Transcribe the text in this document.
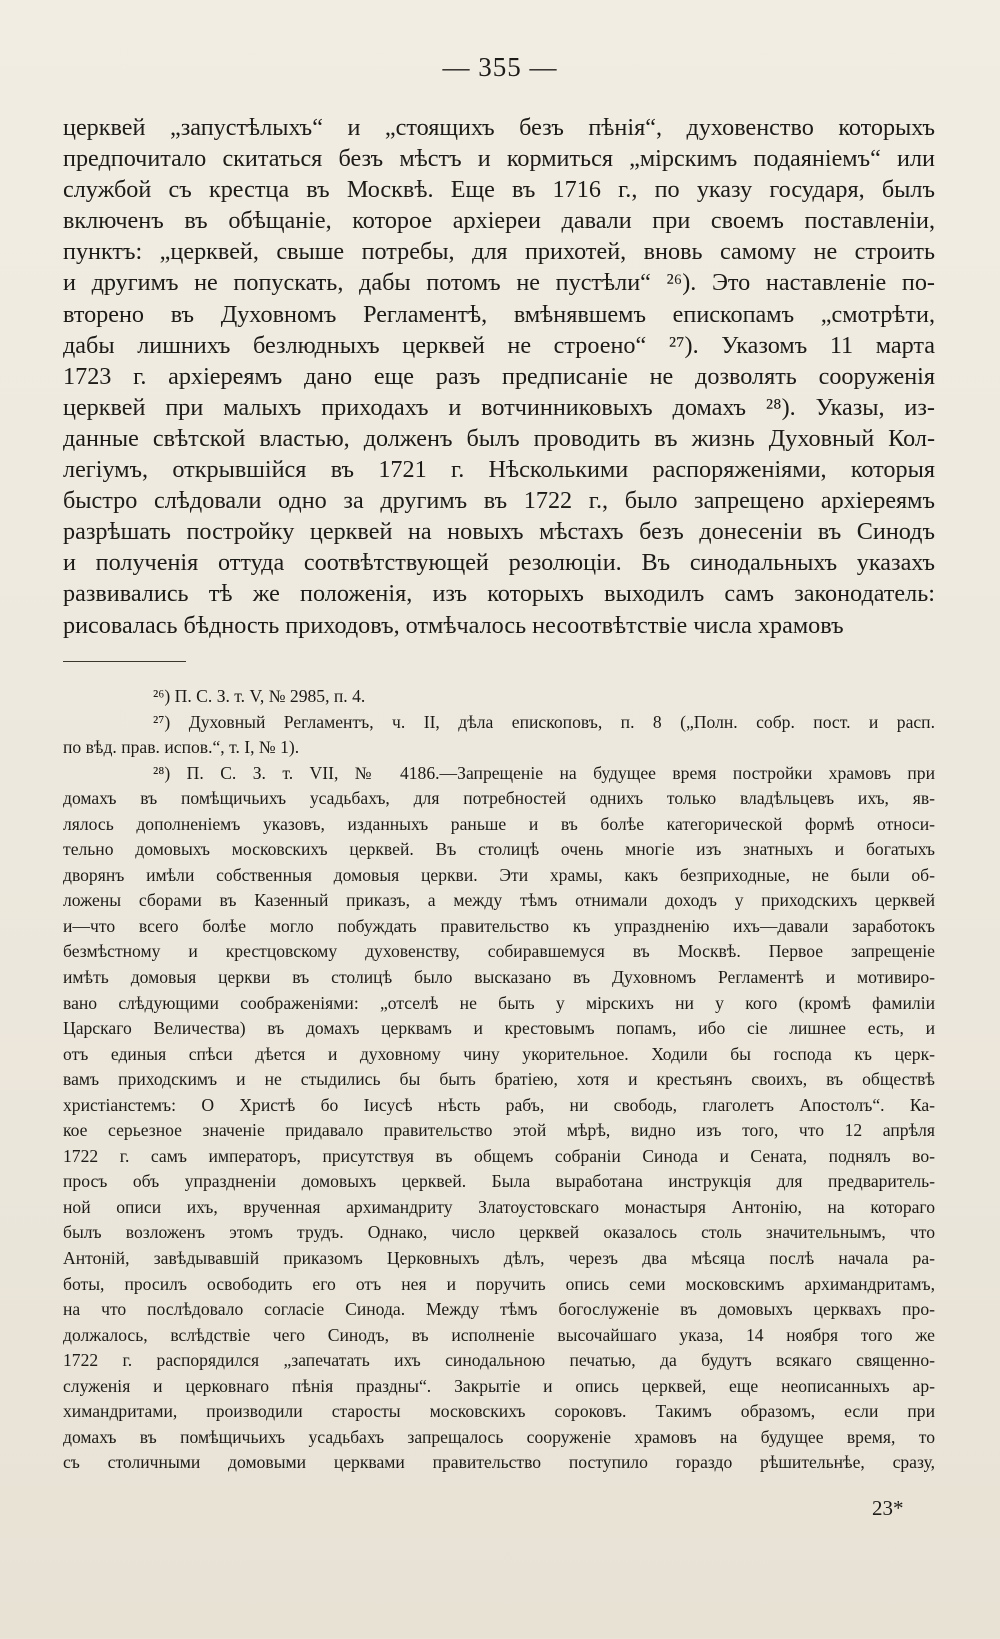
— 355 —
церквей „запустѣлыхъ“ и „стоящихъ безъ пѣнія“, духовенство которыхъ
предпочитало скитаться безъ мѣстъ и кормиться „мірскимъ подаяніемъ“ или
службой съ крестца въ Москвѣ. Еще въ 1716 г., по указу государя, былъ
включенъ въ обѣщаніе, которое архіереи давали при своемъ поставленіи,
пунктъ: „церквей, свыше потребы, для прихотей, вновь самому не строить
и другимъ не попускать, дабы потомъ не пустѣли“ ²⁶). Это наставленіе по-
вторено въ Духовномъ Регламентѣ, вмѣнявшемъ епископамъ „смотрѣти,
дабы лишнихъ безлюдныхъ церквей не строено“ ²⁷). Указомъ 11 марта
1723 г. архіереямъ дано еще разъ предписаніе не дозволять сооруженія
церквей при малыхъ приходахъ и вотчинниковыхъ домахъ ²⁸). Указы, из-
данные свѣтской властью, долженъ былъ проводить въ жизнь Духовный Кол-
легіумъ, открывшійся въ 1721 г. Нѣсколькими распоряженіями, которыя
быстро слѣдовали одно за другимъ въ 1722 г., было запрещено архіереямъ
разрѣшать постройку церквей на новыхъ мѣстахъ безъ донесеніи въ Синодъ
и полученія оттуда соотвѣтствующей резолюціи. Въ синодальныхъ указахъ
развивались тѣ же положенія, изъ которыхъ выходилъ самъ законодатель:
рисовалась бѣдность приходовъ, отмѣчалось несоотвѣтствіе числа храмовъ
²⁶) П. С. З. т. V, № 2985, п. 4.
²⁷) Духовный Регламентъ, ч. II, дѣла епископовъ, п. 8 („Полн. собр. пост. и расп.
по вѣд. прав. испов.“, т. I, № 1).
²⁸) П. С. З. т. VII, № 4186.—Запрещеніе на будущее время постройки храмовъ при
домахъ въ помѣщичьихъ усадьбахъ, для потребностей однихъ только владѣльцевъ ихъ, яв-
лялось дополненіемъ указовъ, изданныхъ раньше и въ болѣе категорической формѣ относи-
тельно домовыхъ московскихъ церквей. Въ столицѣ очень многіе изъ знатныхъ и богатыхъ
дворянъ имѣли собственныя домовыя церкви. Эти храмы, какъ безприходные, не были об-
ложены сборами въ Казенный приказъ, а между тѣмъ отнимали доходъ у приходскихъ церквей
и—что всего болѣе могло побуждать правительство къ упраздненію ихъ—давали заработокъ
безмѣстному и крестцовскому духовенству, собиравшемуся въ Москвѣ. Первое запрещеніе
имѣть домовыя церкви въ столицѣ было высказано въ Духовномъ Регламентѣ и мотивиро-
вано слѣдующими соображеніями: „отселѣ не быть у мірскихъ ни у кого (кромѣ фамиліи
Царскаго Величества) въ домахъ церквамъ и крестовымъ попамъ, ибо сіе лишнее есть, и
отъ единыя спѣси дѣется и духовному чину укорительное. Ходили бы господа къ церк-
вамъ приходскимъ и не стыдились бы быть братіею, хотя и крестьянъ своихъ, въ обществѣ
христіанстемъ: О Христѣ бо Іисусѣ нѣсть рабъ, ни свободь, глаголетъ Апостолъ“. Ка-
кое серьезное значеніе придавало правительство этой мѣрѣ, видно изъ того, что 12 апрѣля
1722 г. самъ императоръ, присутствуя въ общемъ собраніи Синода и Сената, поднялъ во-
просъ объ упраздненіи домовыхъ церквей. Была выработана инструкція для предваритель-
ной описи ихъ, врученная архимандриту Златоустовскаго монастыря Антонію, на котораго
былъ возложенъ этомъ трудъ. Однако, число церквей оказалось столь значительнымъ, что
Антоній, завѣдывавшій приказомъ Церковныхъ дѣлъ, черезъ два мѣсяца послѣ начала ра-
боты, просилъ освободить его отъ нея и поручить опись семи московскимъ архимандритамъ,
на что послѣдовало согласіе Синода. Между тѣмъ богослуженіе въ домовыхъ церквахъ про-
должалось, вслѣдствіе чего Синодъ, въ исполненіе высочайшаго указа, 14 ноября того же
1722 г. распорядился „запечатать ихъ синодальною печатью, да будутъ всякаго священно-
служенія и церковнаго пѣнія праздны“. Закрытіе и опись церквей, еще неописанныхъ ар-
химандритами, производили старосты московскихъ сороковъ. Такимъ образомъ, если при
домахъ въ помѣщичьихъ усадьбахъ запрещалось сооруженіе храмовъ на будущее время, то
съ столичными домовыми церквами правительство поступило гораздо рѣшительнѣе, сразу,
23*
